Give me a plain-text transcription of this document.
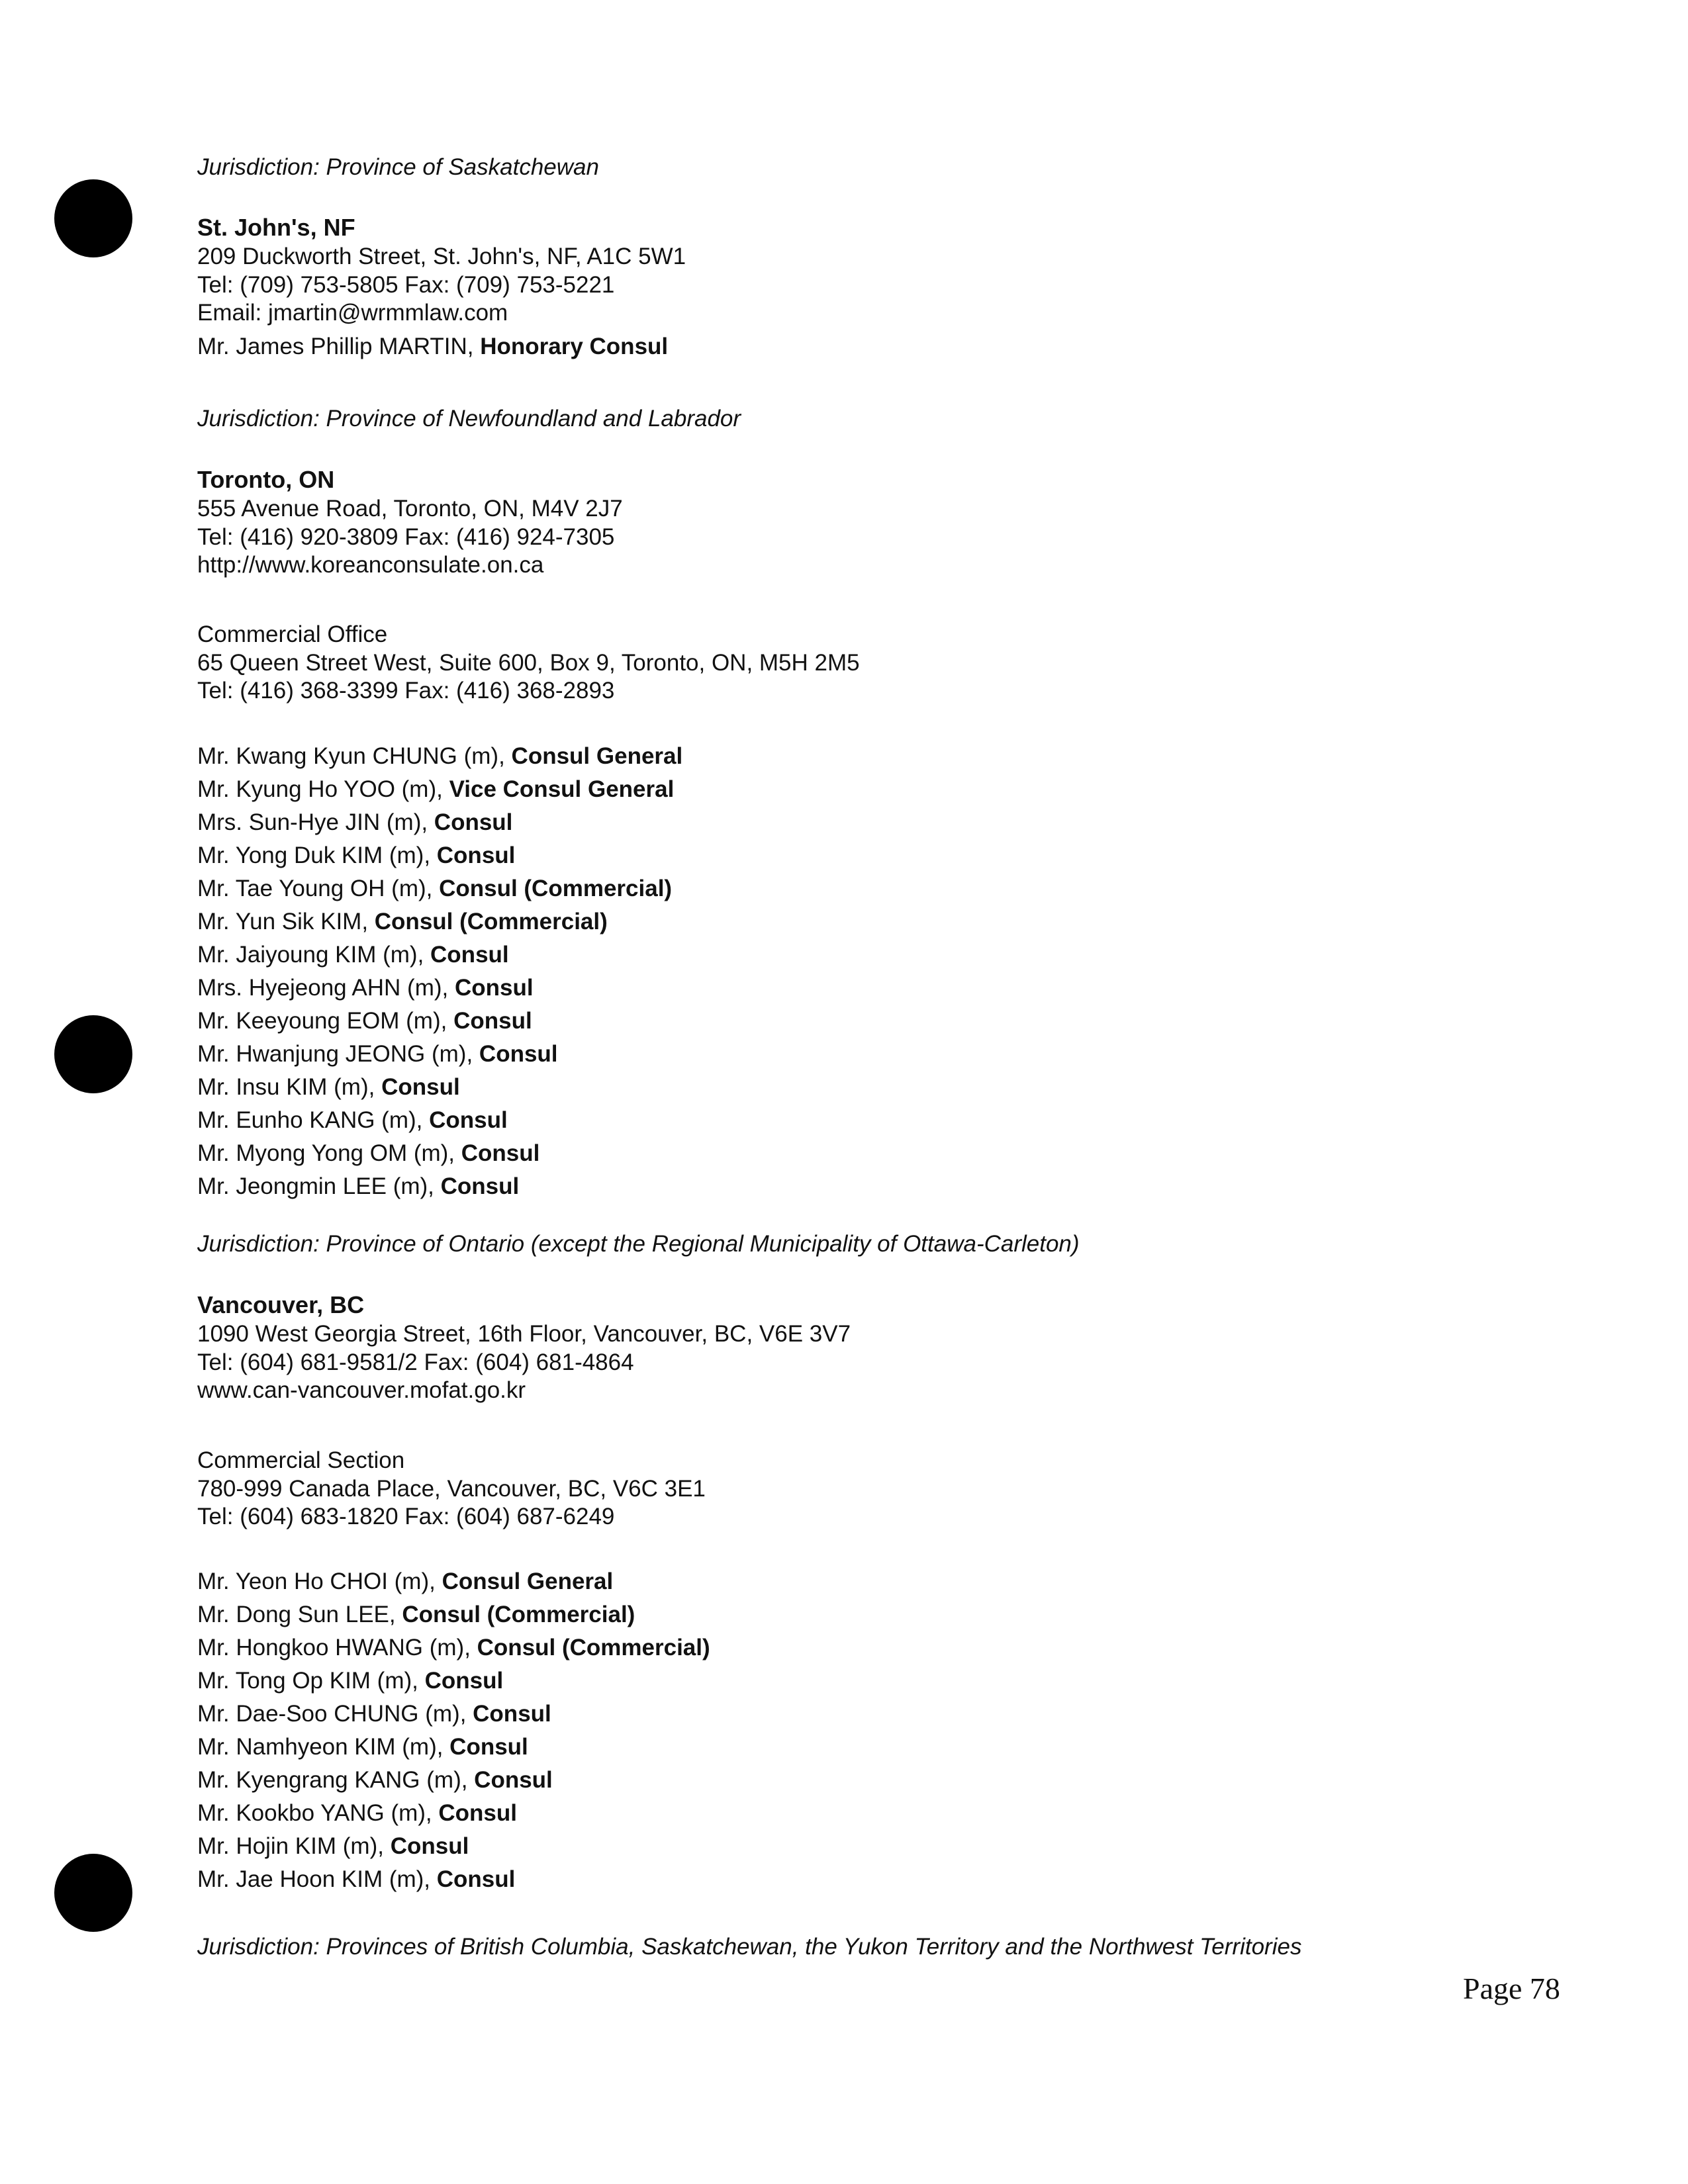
Jurisdiction: Province of Saskatchewan

St. John's, NF

209 Duckworth Street, St. John's, NF, A1C 5W1

Tel: (709) 753-5805 Fax: (709) 753-5221

Email: jmartin@wrmmlaw.com

Mr. James Phillip MARTIN, Honorary Consul

Jurisdiction: Province of Newfoundland and Labrador

Toronto, ON

555 Avenue Road, Toronto, ON, M4V 2J7

Tel: (416) 920-3809 Fax: (416) 924-7305

http://www.koreanconsulate.on.ca

Commercial Office

65 Queen Street West, Suite 600, Box 9, Toronto, ON, M5H 2M5

Tel: (416) 368-3399 Fax: (416) 368-2893

Mr. Kwang Kyun CHUNG (m), Consul General

Mr. Kyung Ho YOO (m), Vice Consul General

Mrs. Sun-Hye JIN (m), Consul

Mr. Yong Duk KIM (m), Consul

Mr. Tae Young OH (m), Consul (Commercial)

Mr. Yun Sik KIM, Consul (Commercial)

Mr. Jaiyoung KIM (m), Consul

Mrs. Hyejeong AHN (m), Consul

Mr. Keeyoung EOM (m), Consul

Mr. Hwanjung JEONG (m), Consul

Mr. Insu KIM (m), Consul

Mr. Eunho KANG (m), Consul

Mr. Myong Yong OM (m), Consul

Mr. Jeongmin LEE (m), Consul

Jurisdiction: Province of Ontario (except the Regional Municipality of Ottawa-Carleton)

Vancouver, BC

1090 West Georgia Street, 16th Floor, Vancouver, BC, V6E 3V7

Tel: (604) 681-9581/2 Fax: (604) 681-4864

www.can-vancouver.mofat.go.kr

Commercial Section

780-999 Canada Place, Vancouver, BC, V6C 3E1

Tel: (604) 683-1820 Fax: (604) 687-6249

Mr. Yeon Ho CHOI (m), Consul General

Mr. Dong Sun LEE, Consul (Commercial)

Mr. Hongkoo HWANG (m), Consul (Commercial)

Mr. Tong Op KIM (m), Consul

Mr. Dae-Soo CHUNG (m), Consul

Mr. Namhyeon KIM (m), Consul

Mr. Kyengrang KANG (m), Consul

Mr. Kookbo YANG (m), Consul

Mr. Hojin KIM (m), Consul

Mr. Jae Hoon KIM (m), Consul

Jurisdiction: Provinces of British Columbia, Saskatchewan, the Yukon Territory and the Northwest Territories

Page 78
